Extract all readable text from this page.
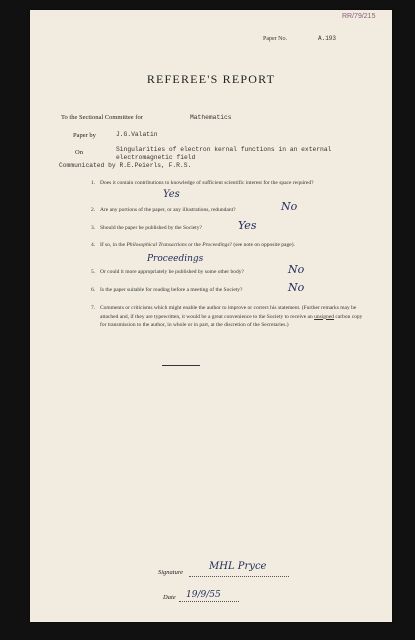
RR/79/215
Paper No.	A.193
REFEREE'S REPORT
To the Sectional Committee for	Mathematics
Paper by	J.G.Valatin
On	Singularities of electron kernal functions in an external
electromagnetic field
Communicated by R.E.Peierls, F.R.S.
1. Does it contain contributions to knowledge of sufficient scientific interest for the space required?
Yes
2. Are any portions of the paper, or any illustrations, redundant?	No
3. Should the paper be published by the Society?	Yes
4. If so, in the Philosophical Transactions or the Proceedings? (see note on opposite page).
Proceedings
5. Or could it more appropriately be published by some other body?	No
6. Is the paper suitable for reading before a meeting of the Society?	No
7. Comments or criticisms which might enable the author to improve or correct his statement. (Further remarks may be attached and, if they are typewritten, it would be a great convenience to the Society to receive an unsigned carbon copy for transmission to the author, in whole or in part, at the discretion of the Secretaries.)
Signature
MHL Pryce
Date 19/9/55
